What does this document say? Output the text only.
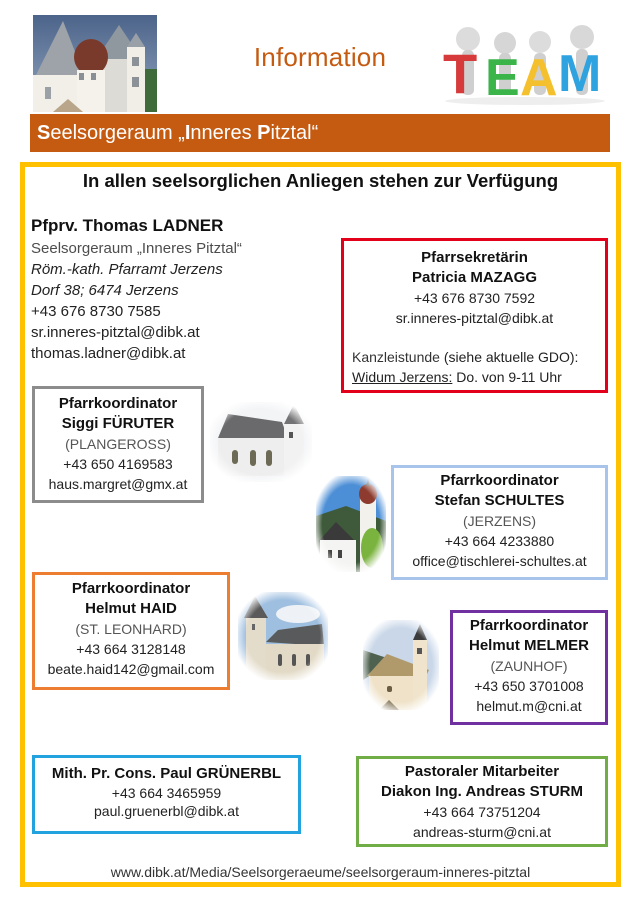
Information	T E A M
Seelsorgeraum „Inneres Pitztal“
In allen seelsorglichen Anliegen stehen zur Verfügung
Pfprv. Thomas LADNER
Seelsorgeraum „Inneres Pitztal“
Röm.-kath. Pfarramt Jerzens
Dorf 38; 6474 Jerzens
+43 676 8730 7585
sr.inneres-pitztal@dibk.at
thomas.ladner@dibk.at
Pfarrsekretärin
Patricia MAZAGG
+43 676 8730 7592
sr.inneres-pitztal@dibk.at
Kanzleistunde (siehe aktuelle GDO):
Widum Jerzens: Do. von 9-11 Uhr
Pfarrkoordinator
Siggi FÜRUTER
(PLANGEROSS)
+43 650 4169583
haus.margret@gmx.at	Pfarrkoordinator
Stefan SCHULTES
(JERZENS)
+43 664 4233880
office@tischlerei-schultes.at
Pfarrkoordinator
Helmut HAID
(ST. LEONHARD)
+43 664 3128148
beate.haid142@gmail.com
Pfarrkoordinator
Helmut MELMER
(ZAUNHOF)
+43 650 3701008
helmut.m@cni.at
Mith. Pr. Cons. Paul GRÜNERBL
+43 664 3465959
paul.gruenerbl@dibk.at
Pastoraler Mitarbeiter
Diakon Ing. Andreas STURM
+43 664 73751204
andreas-sturm@cni.at
www.dibk.at/Media/Seelsorgeraeume/seelsorgeraum-inneres-pitztal
